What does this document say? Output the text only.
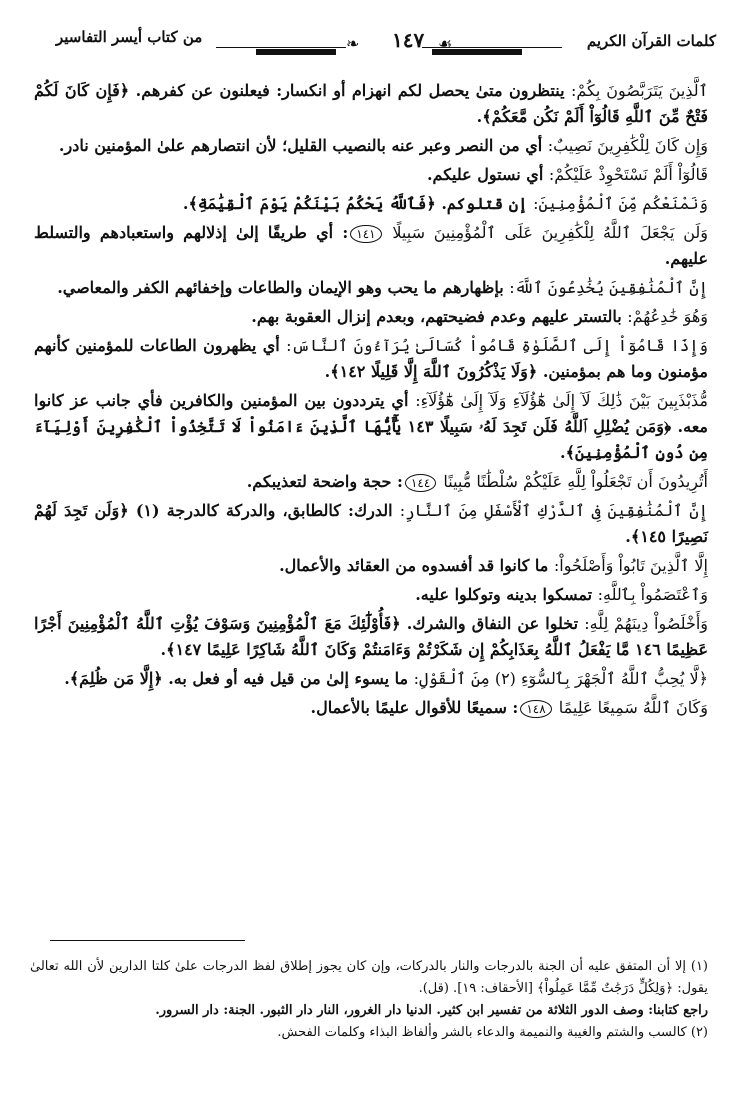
كلمات القرآن الكريم
❧ ١٤٧ ☙
من كتاب أيسر التفاسير

ٱلَّذِينَ يَتَرَبَّصُونَ بِكُمْ: ينتظرون متىٰ يحصل لكم انهزام أو انكسار: فيعلنون عن كفرهم. ﴿فَإِن كَانَ لَكُمْ فَتْحٌ مِّنَ ٱللَّهِ قَالُوٓاْ أَلَمْ نَكُن مَّعَكُمْ﴾.

وَإِن كَانَ لِلْكَٰفِرِينَ نَصِيبٌ: أي من النصر وعبر عنه بالنصيب القليل؛ لأن انتصارهم علىٰ المؤمنين نادر.

قَالُوٓاْ أَلَمْ نَسْتَحْوِذْ عَلَيْكُمْ: أي نستول عليكم.

وَنَمْنَعْكُم مِّنَ ٱلْمُؤْمِنِينَ: إن قتلوكم. ﴿فَٱللَّهُ يَحْكُمُ بَيْنَكُمْ يَوْمَ ٱلْقِيَٰمَةِ﴾.

وَلَن يَجْعَلَ ٱللَّهُ لِلْكَٰفِرِينَ عَلَى ٱلْمُؤْمِنِينَ سَبِيلًا ١٤١: أي طريقًا إلىٰ إذلالهم واستعبادهم والتسلط عليهم.

إِنَّ ٱلْمُنَٰفِقِينَ يُخَٰدِعُونَ ٱللَّهَ: بإظهارهم ما يحب وهو الإيمان والطاعات وإخفائهم الكفر والمعاصي.

وَهُوَ خَٰدِعُهُمْ: بالتستر عليهم وعدم فضيحتهم، وبعدم إنزال العقوبة بهم.

وَإِذَا قَامُوٓاْ إِلَى ٱلصَّلَوٰةِ قَامُواْ كُسَالَىٰ يُرَآءُونَ ٱلنَّاسَ: أي يظهرون الطاعات للمؤمنين كأنهم مؤمنون وما هم بمؤمنين. ﴿وَلَا يَذْكُرُونَ ٱللَّهَ إِلَّا قَلِيلًا ١٤٢﴾.

مُّذَبْذَبِينَ بَيْنَ ذَٰلِكَ لَآ إِلَىٰ هَٰٓؤُلَآءِ وَلَآ إِلَىٰ هَٰٓؤُلَآءِ: أي يترددون بين المؤمنين والكافرين فأي جانب عز كانوا معه. ﴿وَمَن يُضْلِلِ ٱللَّهُ فَلَن تَجِدَ لَهُۥ سَبِيلًا ١٤٣ يَٰٓأَيُّهَا ٱلَّذِينَ ءَامَنُواْ لَا تَتَّخِذُواْ ٱلْكَٰفِرِينَ أَوْلِيَآءَ مِن دُونِ ٱلْمُؤْمِنِينَ﴾.

أَتُرِيدُونَ أَن تَجْعَلُواْ لِلَّهِ عَلَيْكُمْ سُلْطَٰنًا مُّبِينًا ١٤٤: حجة واضحة لتعذيبكم.

إِنَّ ٱلْمُنَٰفِقِينَ فِى ٱلدَّرْكِ ٱلْأَسْفَلِ مِنَ ٱلنَّارِ: الدرك: كالطابق، والدركة كالدرجة (١) ﴿وَلَن تَجِدَ لَهُمْ نَصِيرًا ١٤٥﴾.

إِلَّا ٱلَّذِينَ تَابُواْ وَأَصْلَحُواْ: ما كانوا قد أفسدوه من العقائد والأعمال.

وَٱعْتَصَمُواْ بِٱللَّهِ: تمسكوا بدينه وتوكلوا عليه.

وَأَخْلَصُواْ دِينَهُمْ لِلَّهِ: تخلوا عن النفاق والشرك. ﴿فَأُوْلَٰٓئِكَ مَعَ ٱلْمُؤْمِنِينَ وَسَوْفَ يُؤْتِ ٱللَّهُ ٱلْمُؤْمِنِينَ أَجْرًا عَظِيمًا ١٤٦ مَّا يَفْعَلُ ٱللَّهُ بِعَذَابِكُمْ إِن شَكَرْتُمْ وَءَامَنتُمْ وَكَانَ ٱللَّهُ شَاكِرًا عَلِيمًا ١٤٧﴾.

﴿لَّا يُحِبُّ ٱللَّهُ ٱلْجَهْرَ بِٱلسُّوٓءِ (٢) مِنَ ٱلْقَوْلِ: ما يسوء إلىٰ من قيل فيه أو فعل به. ﴿إِلَّا مَن ظُلِمَ﴾.

وَكَانَ ٱللَّهُ سَمِيعًا عَلِيمًا ١٤٨: سميعًا للأقوال عليمًا بالأعمال.

(١) إلا أن المتفق عليه أن الجنة بالدرجات والنار بالدركات، وإن كان يجوز إطلاق لفظ الدرجات علىٰ كلتا الدارين لأن الله تعالىٰ يقول: ﴿وَلِكُلٍّ دَرَجَٰتٌ مِّمَّا عَمِلُواْ﴾ [الأحقاف: ١٩]. (قل).

راجع كتابنا: وصف الدور الثلاثة من تفسير ابن كثير. الدنيا دار الغرور، النار دار الثبور. الجنة: دار السرور.

(٢) كالسب والشتم والغيبة والنميمة والدعاء بالشر وألفاظ البذاء وكلمات الفحش.
